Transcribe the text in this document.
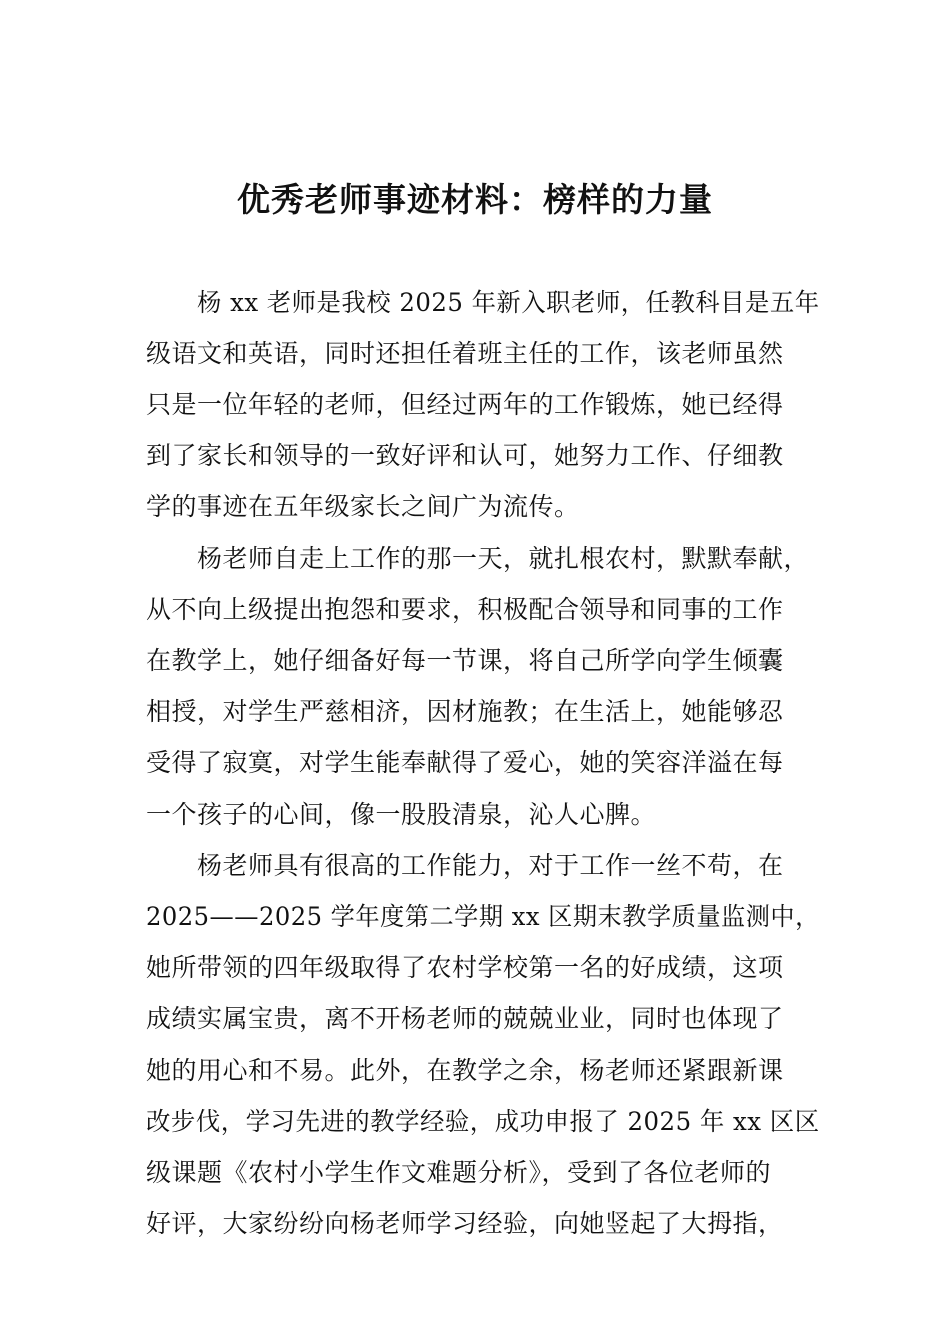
优秀老师事迹材料：榜样的力量
杨 xx 老师是我校 2025 年新入职老师，任教科目是五年
级语文和英语，同时还担任着班主任的工作，该老师虽然
只是一位年轻的老师，但经过两年的工作锻炼，她已经得
到了家长和领导的一致好评和认可，她努力工作、仔细教
学的事迹在五年级家长之间广为流传。
杨老师自走上工作的那一天，就扎根农村，默默奉献，
从不向上级提出抱怨和要求，积极配合领导和同事的工作
在教学上，她仔细备好每一节课，将自己所学向学生倾囊
相授，对学生严慈相济，因材施教；在生活上，她能够忍
受得了寂寞，对学生能奉献得了爱心，她的笑容洋溢在每
一个孩子的心间，像一股股清泉，沁人心脾。
杨老师具有很高的工作能力，对于工作一丝不苟，在
2025——2025 学年度第二学期 xx 区期末教学质量监测中，
她所带领的四年级取得了农村学校第一名的好成绩，这项
成绩实属宝贵，离不开杨老师的兢兢业业，同时也体现了
她的用心和不易。此外，在教学之余，杨老师还紧跟新课
改步伐，学习先进的教学经验，成功申报了 2025 年 xx 区区
级课题《农村小学生作文难题分析》，受到了各位老师的
好评，大家纷纷向杨老师学习经验，向她竖起了大拇指，
